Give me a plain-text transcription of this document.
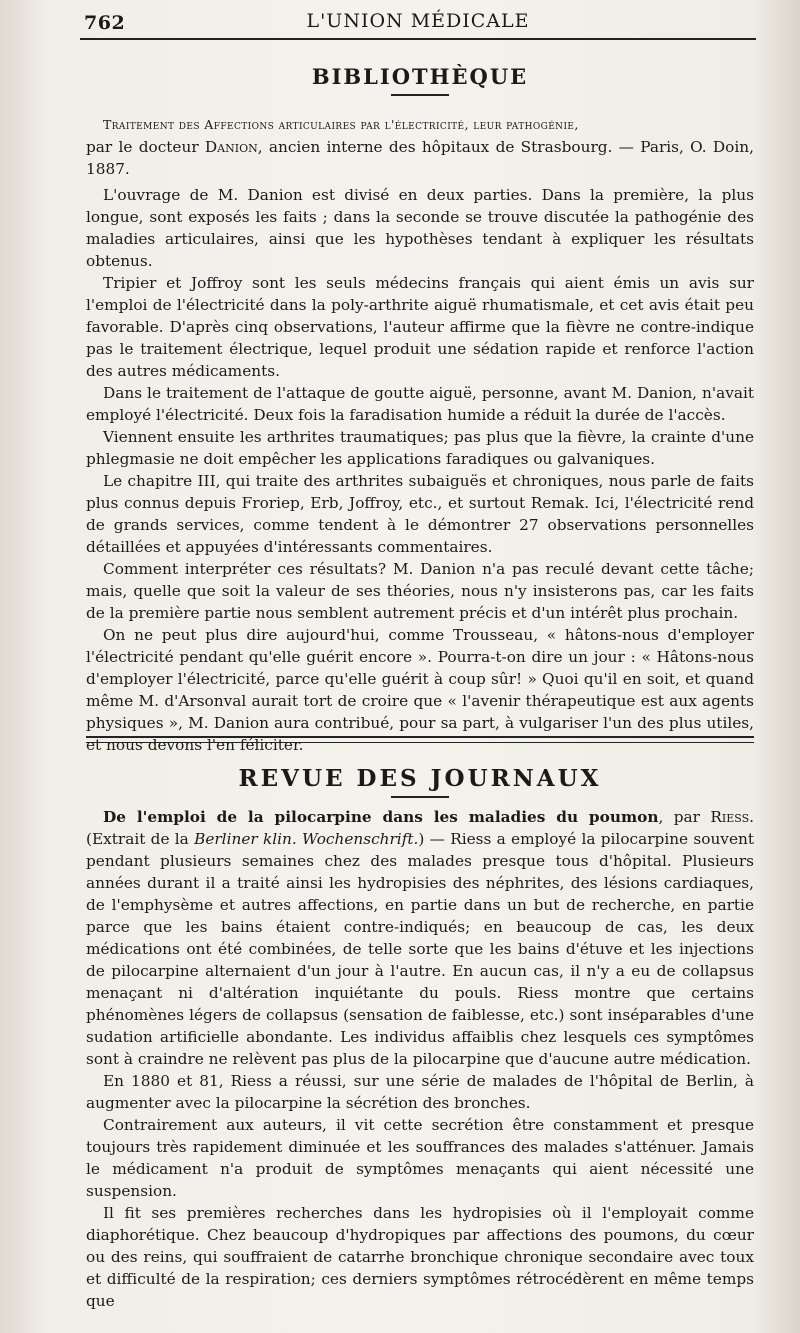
762	L'UNION MÉDICALE
BIBLIOTHÈQUE

Traitement des Affections articulaires par l'électricité, leur pathogénie,

par le docteur Danion, ancien interne des hôpitaux de Strasbourg. — Paris, O. Doin, 1887.

L'ouvrage de M. Danion est divisé en deux parties. Dans la première, la plus longue, sont exposés les faits ; dans la seconde se trouve discutée la pathogénie des maladies articulaires, ainsi que les hypothèses tendant à expliquer les résultats obtenus.

Tripier et Joffroy sont les seuls médecins français qui aient émis un avis sur l'emploi de l'électricité dans la poly-arthrite aiguë rhumatismale, et cet avis était peu favorable. D'après cinq observations, l'auteur affirme que la fièvre ne contre-indique pas le traitement électrique, lequel produit une sédation rapide et renforce l'action des autres médicaments.

Dans le traitement de l'attaque de goutte aiguë, personne, avant M. Danion, n'avait employé l'électricité. Deux fois la faradisation humide a réduit la durée de l'accès.

Viennent ensuite les arthrites traumatiques; pas plus que la fièvre, la crainte d'une phlegmasie ne doit empêcher les applications faradiques ou galvaniques.

Le chapitre III, qui traite des arthrites subaiguës et chroniques, nous parle de faits plus connus depuis Froriep, Erb, Joffroy, etc., et surtout Remak. Ici, l'électricité rend de grands services, comme tendent à le démontrer 27 observations personnelles détaillées et appuyées d'intéressants commentaires.

Comment interpréter ces résultats? M. Danion n'a pas reculé devant cette tâche; mais, quelle que soit la valeur de ses théories, nous n'y insisterons pas, car les faits de la première partie nous semblent autrement précis et d'un intérêt plus prochain.

On ne peut plus dire aujourd'hui, comme Trousseau, « hâtons-nous d'employer l'électricité pendant qu'elle guérit encore ». Pourra-t-on dire un jour : « Hâtons-nous d'employer l'électricité, parce qu'elle guérit à coup sûr! » Quoi qu'il en soit, et quand même M. d'Arsonval aurait tort de croire que « l'avenir thérapeutique est aux agents physiques », M. Danion aura contribué, pour sa part, à vulgariser l'un des plus utiles, et nous devons l'en féliciter.

REVUE DES JOURNAUX

De l'emploi de la pilocarpine dans les maladies du poumon, par Riess. (Extrait de la Berliner klin. Wochenschrift.) — Riess a employé la pilocarpine souvent pendant plusieurs semaines chez des malades presque tous d'hôpital. Plusieurs années durant il a traité ainsi les hydropisies des néphrites, des lésions cardiaques, de l'emphysème et autres affections, en partie dans un but de recherche, en partie parce que les bains étaient contre-indiqués; en beaucoup de cas, les deux médications ont été combinées, de telle sorte que les bains d'étuve et les injections de pilocarpine alternaient d'un jour à l'autre. En aucun cas, il n'y a eu de collapsus menaçant ni d'altération inquiétante du pouls. Riess montre que certains phénomènes légers de collapsus (sensation de faiblesse, etc.) sont inséparables d'une sudation artificielle abondante. Les individus affaiblis chez lesquels ces symptômes sont à craindre ne relèvent pas plus de la pilocarpine que d'aucune autre médication.

En 1880 et 81, Riess a réussi, sur une série de malades de l'hôpital de Berlin, à augmenter avec la pilocarpine la sécrétion des bronches.

Contrairement aux auteurs, il vit cette secrétion être constamment et presque toujours très rapidement diminuée et les souffrances des malades s'atténuer. Jamais le médicament n'a produit de symptômes menaçants qui aient nécessité une suspension.

Il fit ses premières recherches dans les hydropisies où il l'employait comme diaphorétique. Chez beaucoup d'hydropiques par affections des poumons, du cœur ou des reins, qui souffraient de catarrhe bronchique chronique secondaire avec toux et difficulté de la respiration; ces derniers symptômes rétrocédèrent en même temps que
